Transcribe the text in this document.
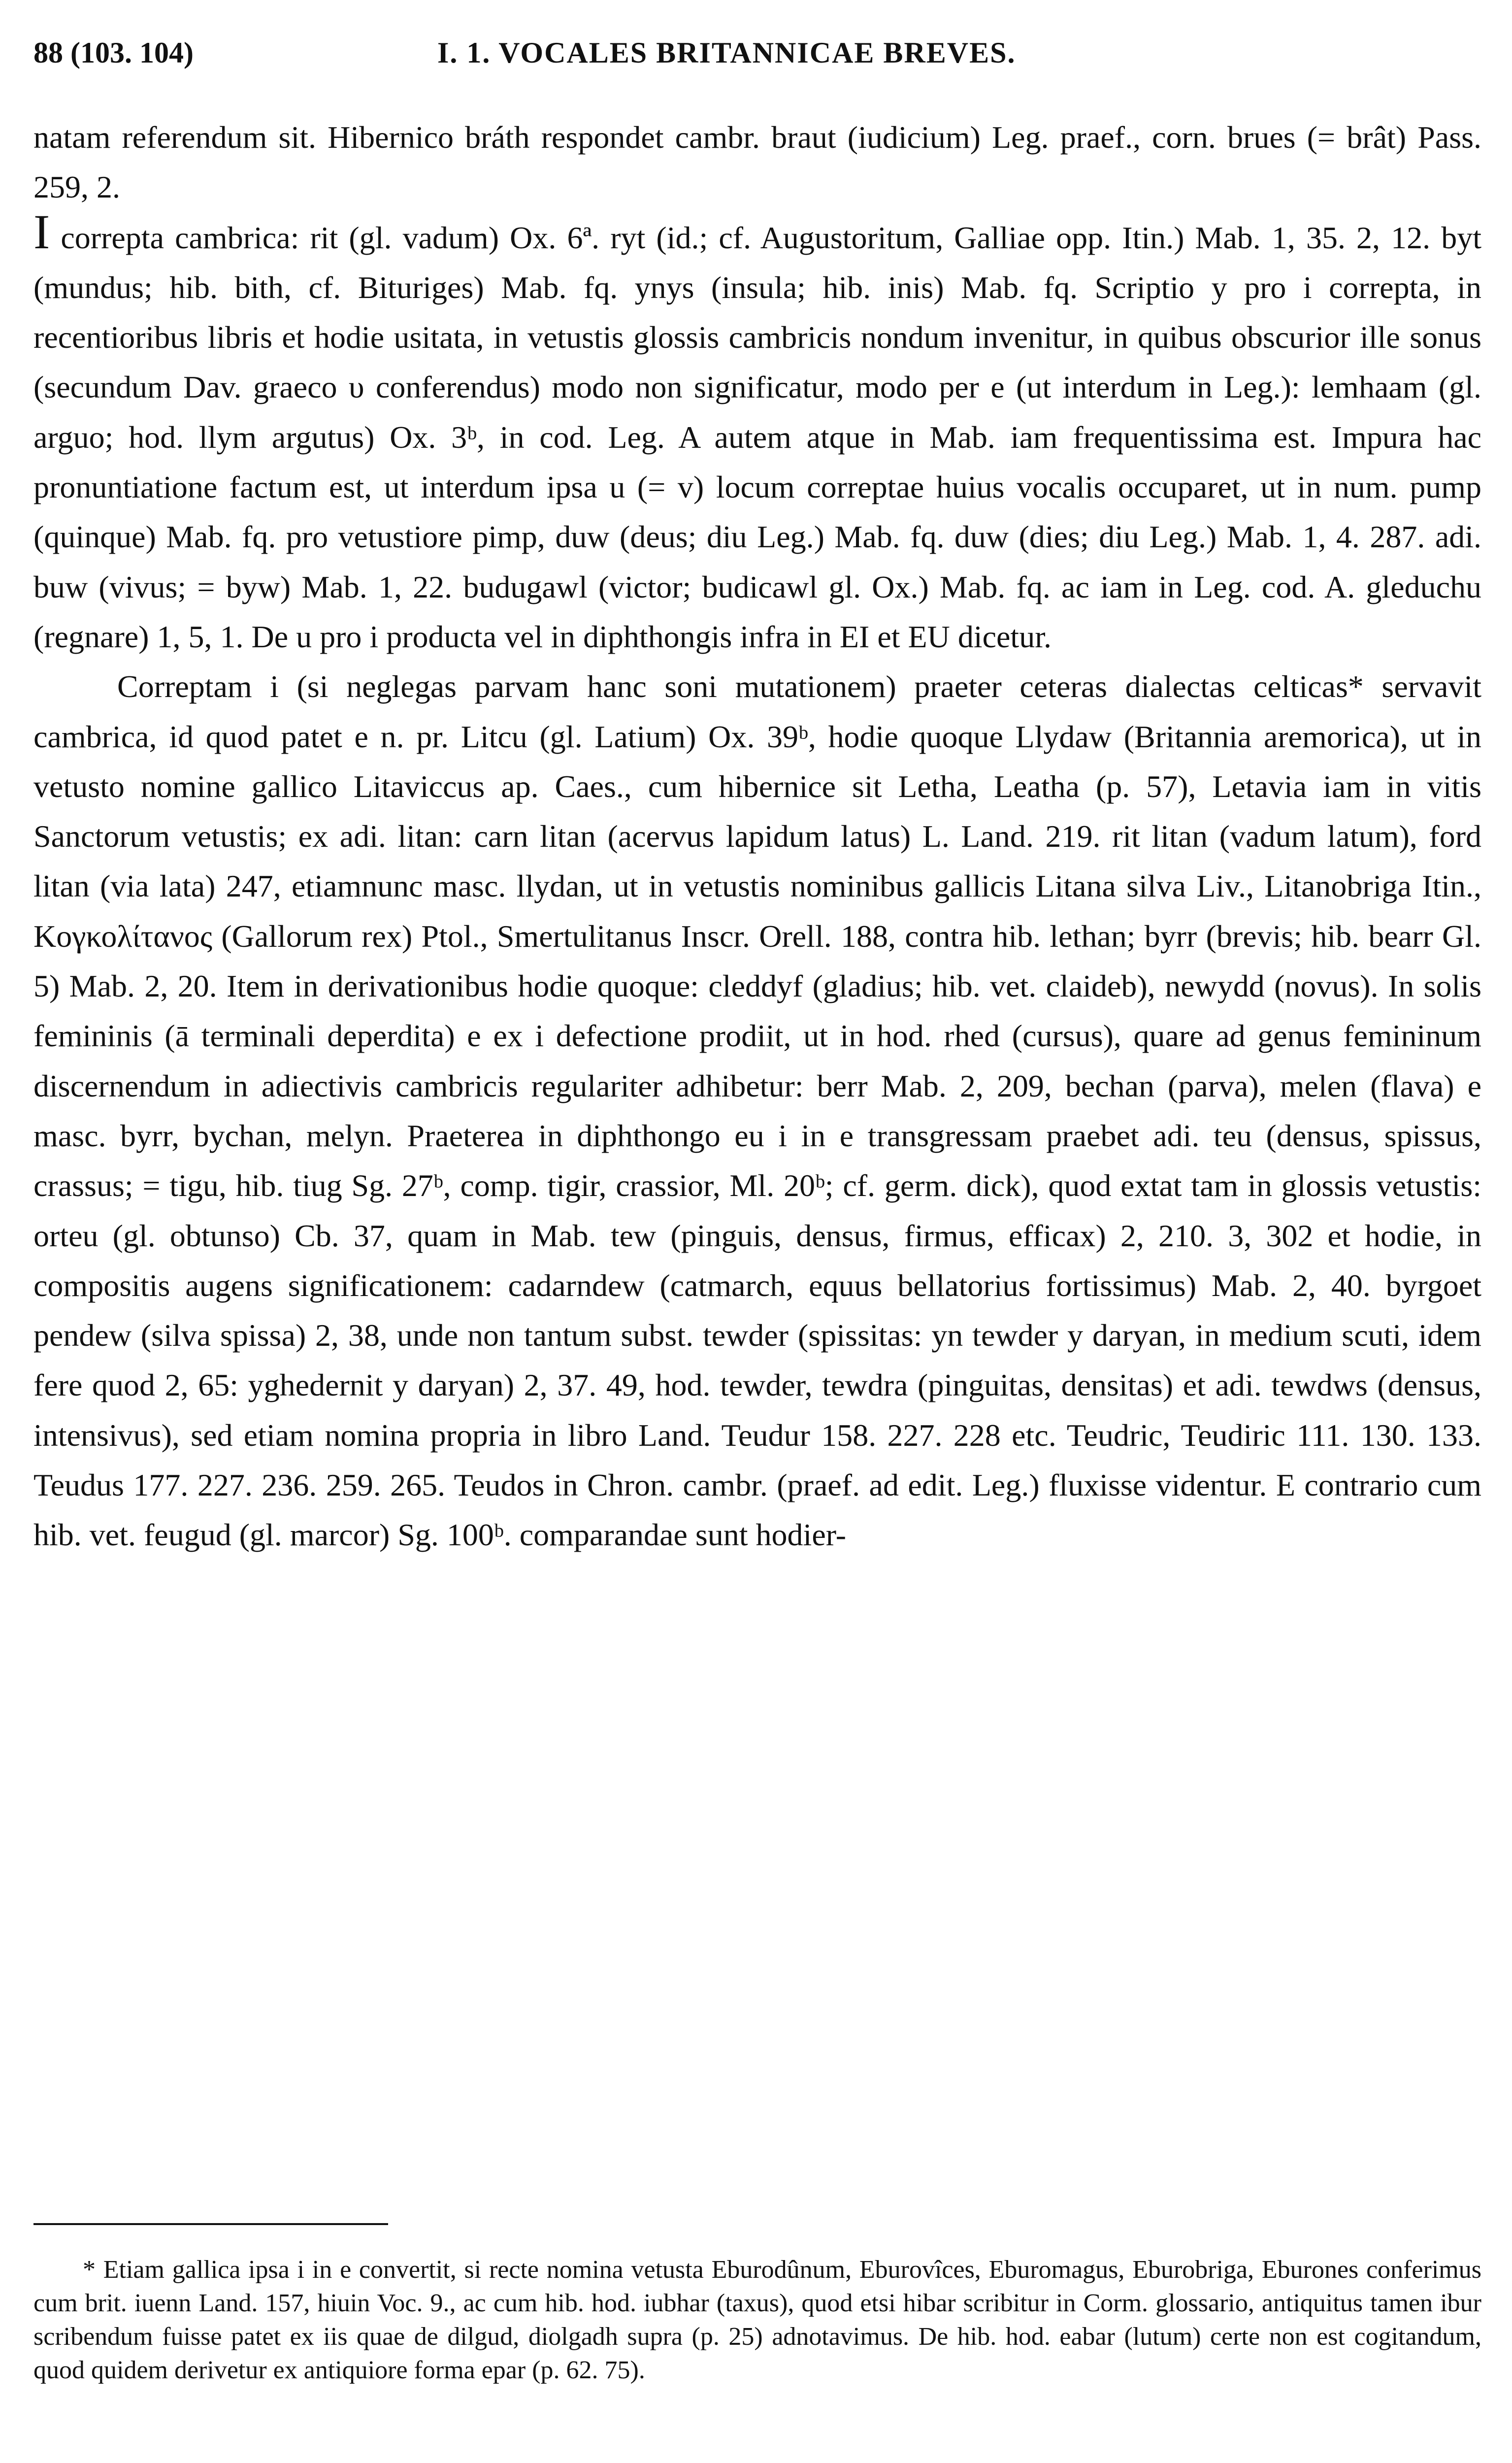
88 (103. 104)	I. 1. VOCALES BRITANNICAE BREVES.

natam referendum sit. Hibernico bráth respondet cambr. braut (iudicium) Leg. praef., corn. brues (= brât) Pass. 259, 2.

I correpta cambrica: rit (gl. vadum) Ox. 6ª. ryt (id.; cf. Augustoritum, Galliae opp. Itin.) Mab. 1, 35. 2, 12. byt (mundus; hib. bith, cf. Bituriges) Mab. fq. ynys (insula; hib. inis) Mab. fq. Scriptio y pro i correpta, in recentioribus libris et hodie usitata, in vetustis glossis cambricis nondum invenitur, in quibus obscurior ille sonus (secundum Dav. graeco υ conferendus) modo non significatur, modo per e (ut interdum in Leg.): lemhaam (gl. arguo; hod. llym argutus) Ox. 3ᵇ, in cod. Leg. A autem atque in Mab. iam frequentissima est. Impura hac pronuntiatione factum est, ut interdum ipsa u (= v) locum correptae huius vocalis occuparet, ut in num. pump (quinque) Mab. fq. pro vetustiore pimp, duw (deus; diu Leg.) Mab. fq. duw (dies; diu Leg.) Mab. 1, 4. 287. adi. buw (vivus; = byw) Mab. 1, 22. budugawl (victor; budicawl gl. Ox.) Mab. fq. ac iam in Leg. cod. A. gleduchu (regnare) 1, 5, 1. De u pro i producta vel in diphthongis infra in EI et EU dicetur.

Correptam i (si neglegas parvam hanc soni mutationem) praeter ceteras dialectas celticas* servavit cambrica, id quod patet e n. pr. Litcu (gl. Latium) Ox. 39ᵇ, hodie quoque Llydaw (Britannia aremorica), ut in vetusto nomine gallico Litaviccus ap. Caes., cum hibernice sit Letha, Leatha (p. 57), Letavia iam in vitis Sanctorum vetustis; ex adi. litan: carn litan (acervus lapidum latus) L. Land. 219. rit litan (vadum latum), ford litan (via lata) 247, etiamnunc masc. llydan, ut in vetustis nominibus gallicis Litana silva Liv., Litanobriga Itin., Κογκολίτανος (Gallorum rex) Ptol., Smertulitanus Inscr. Orell. 188, contra hib. lethan; byrr (brevis; hib. bearr Gl. 5) Mab. 2, 20. Item in derivationibus hodie quoque: cleddyf (gladius; hib. vet. claideb), newydd (novus). In solis femininis (ā terminali deperdita) e ex i defectione prodiit, ut in hod. rhed (cursus), quare ad genus femininum discernendum in adiectivis cambricis regulariter adhibetur: berr Mab. 2, 209, bechan (parva), melen (flava) e masc. byrr, bychan, melyn. Praeterea in diphthongo eu i in e transgressam praebet adi. teu (densus, spissus, crassus; = tigu, hib. tiug Sg. 27ᵇ, comp. tigir, crassior, Ml. 20ᵇ; cf. germ. dick), quod extat tam in glossis vetustis: orteu (gl. obtunso) Cb. 37, quam in Mab. tew (pinguis, densus, firmus, efficax) 2, 210. 3, 302 et hodie, in compositis augens significationem: cadarndew (catmarch, equus bellatorius fortissimus) Mab. 2, 40. byrgoet pendew (silva spissa) 2, 38, unde non tantum subst. tewder (spissitas: yn tewder y daryan, in medium scuti, idem fere quod 2, 65: yghedernit y daryan) 2, 37. 49, hod. tewder, tewdra (pinguitas, densitas) et adi. tewdws (densus, intensivus), sed etiam nomina propria in libro Land. Teudur 158. 227. 228 etc. Teudric, Teudiric 111. 130. 133. Teudus 177. 227. 236. 259. 265. Teudos in Chron. cambr. (praef. ad edit. Leg.) fluxisse videntur. E contrario cum hib. vet. feugud (gl. marcor) Sg. 100ᵇ. comparandae sunt hodier-

* Etiam gallica ipsa i in e convertit, si recte nomina vetusta Eburodûnum, Eburovîces, Eburomagus, Eburobriga, Eburones conferimus cum brit. iuenn Land. 157, hiuin Voc. 9., ac cum hib. hod. iubhar (taxus), quod etsi hibar scribitur in Corm. glossario, antiquitus tamen ibur scribendum fuisse patet ex iis quae de dilgud, diolgadh supra (p. 25) adnotavimus. De hib. hod. eabar (lutum) certe non est cogitandum, quod quidem derivetur ex antiquiore forma epar (p. 62. 75).
